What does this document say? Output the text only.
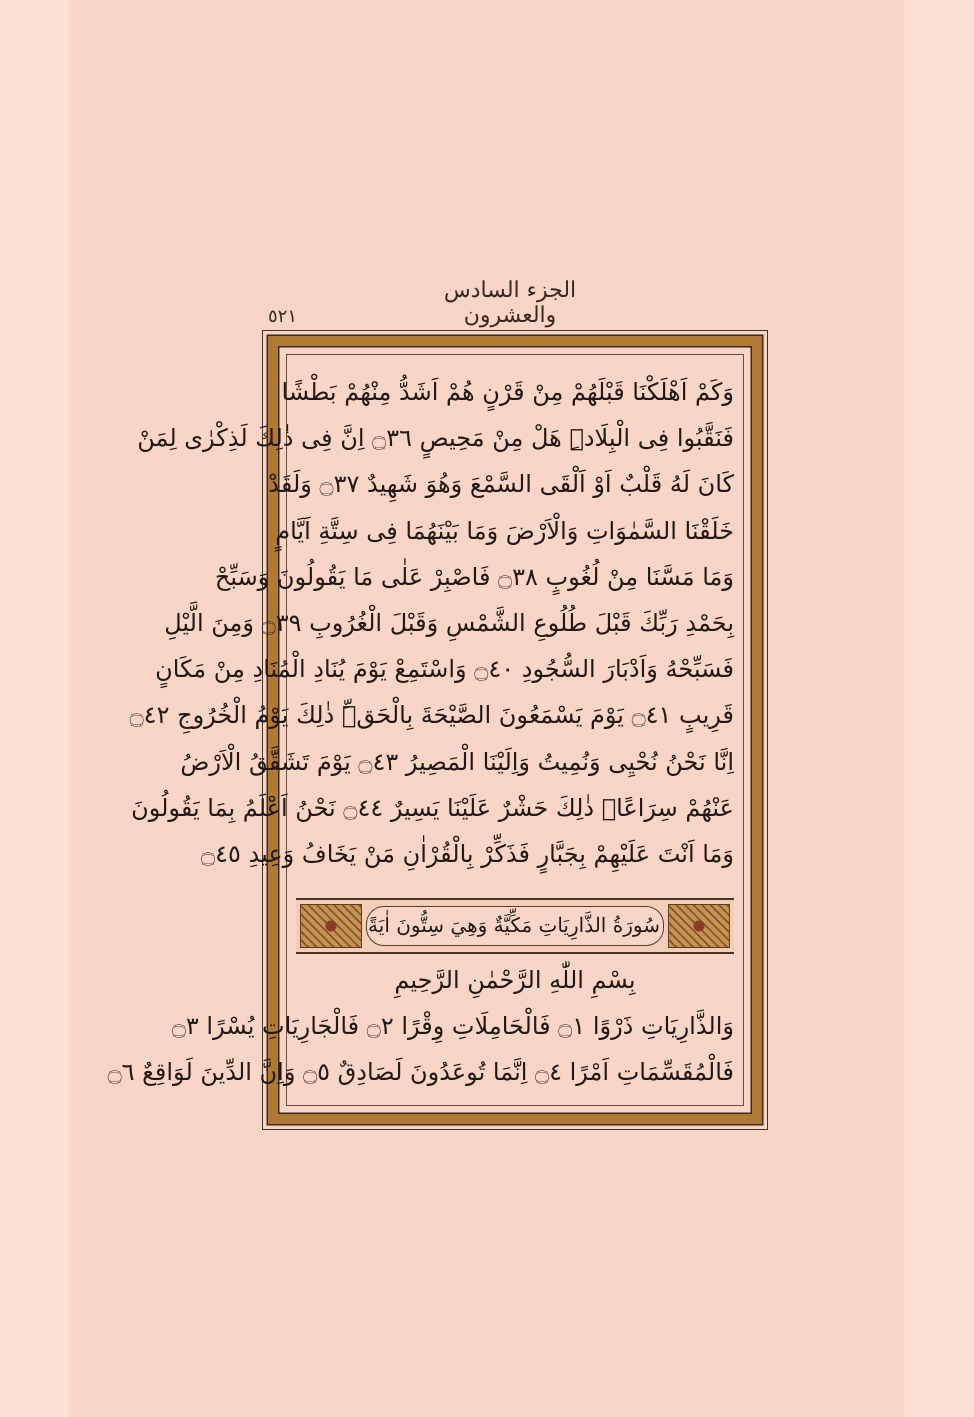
الجزء السادس والعشرون
٥٢١
وَكَمْ اَهْلَكْنَا قَبْلَهُمْ مِنْ قَرْنٍ هُمْ اَشَدُّ مِنْهُمْ بَطْشًا
فَنَقَّبُوا فِى الْبِلَادِۜ هَلْ مِنْ مَحِيصٍ ۝٣٦ اِنَّ فِى ذٰلِكَ لَذِكْرٰى لِمَنْ
كَانَ لَهُ قَلْبٌ اَوْ اَلْقَى السَّمْعَ وَهُوَ شَهِيدٌ ۝٣٧ وَلَقَدْ
خَلَقْنَا السَّمٰوَاتِ وَالْاَرْضَ وَمَا بَيْنَهُمَا فِى سِتَّةِ اَيَّامٍ
وَمَا مَسَّنَا مِنْ لُغُوبٍ ۝٣٨ فَاصْبِرْ عَلٰى مَا يَقُولُونَ وَسَبِّحْ
بِحَمْدِ رَبِّكَ قَبْلَ طُلُوعِ الشَّمْسِ وَقَبْلَ الْغُرُوبِ ۝٣٩ وَمِنَ الَّيْلِ
فَسَبِّحْهُ وَاَدْبَارَ السُّجُودِ ۝٤٠ وَاسْتَمِعْ يَوْمَ يُنَادِ الْمُنَادِ مِنْ مَكَانٍ
قَرِيبٍ ۝٤١ يَوْمَ يَسْمَعُونَ الصَّيْحَةَ بِالْحَقِّۜ ذٰلِكَ يَوْمُ الْخُرُوجِ ۝٤٢
اِنَّا نَحْنُ نُحْيِى وَنُمِيتُ وَاِلَيْنَا الْمَصِيرُ ۝٤٣ يَوْمَ تَشَقَّقُ الْاَرْضُ
عَنْهُمْ سِرَاعًاۜ ذٰلِكَ حَشْرٌ عَلَيْنَا يَسِيرٌ ۝٤٤ نَحْنُ اَعْلَمُ بِمَا يَقُولُونَ
وَمَا اَنْتَ عَلَيْهِمْ بِجَبَّارٍ فَذَكِّرْ بِالْقُرْاٰنِ مَنْ يَخَافُ وَعِيدِ ۝٤٥
سُورَةُ الذَّارِيَاتِ مَكِّيَّةٌ وَهِيَ سِتُّونَ اٰيَةً
بِسْمِ اللّٰهِ الرَّحْمٰنِ الرَّحِيمِ
وَالذَّارِيَاتِ ذَرْوًا ۝١ فَالْحَامِلَاتِ وِقْرًا ۝٢ فَالْجَارِيَاتِ يُسْرًا ۝٣
فَالْمُقَسِّمَاتِ اَمْرًا ۝٤ اِنَّمَا تُوعَدُونَ لَصَادِقٌ ۝٥ وَاِنَّ الدِّينَ لَوَاقِعٌ ۝٦
